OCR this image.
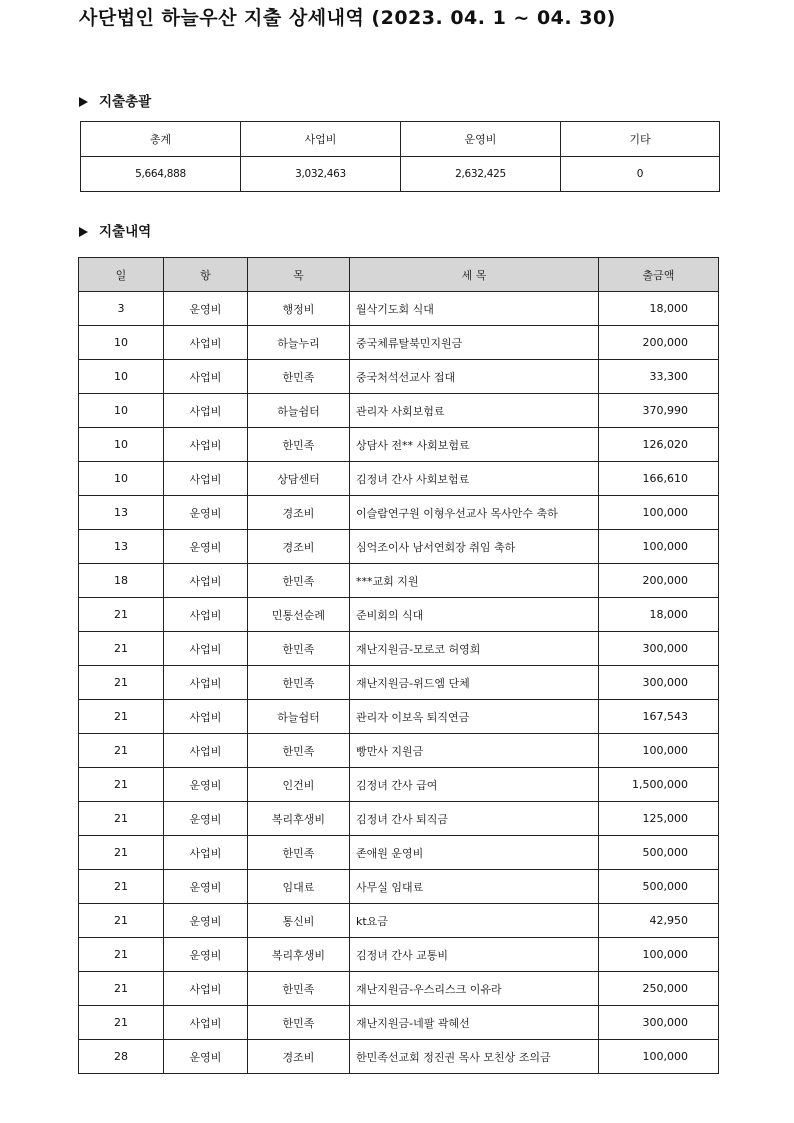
사단법인 하늘우산 지출 상세내역 (2023. 04. 1 ~ 04. 30)
지출총괄
총계	사업비	운영비	기타
5,664,888	3,032,463	2,632,425	0
지출내역
일	항	목	세 목	출금액
3	운영비	행정비	월삭기도회 식대	18,000
10	사업비	하늘누리	중국체류탈북민지원금	200,000
10	사업비	한민족	중국처석선교사 접대	33,300
10	사업비	하늘쉼터	관리자 사회보험료	370,990
10	사업비	한민족	상담사 전** 사회보험료	126,020
10	사업비	상담센터	김정녀 간사 사회보험료	166,610
13	운영비	경조비	이슬람연구원 이형우선교사 목사안수 축하	100,000
13	운영비	경조비	심억조이사 남서연회장 취임 축하	100,000
18	사업비	한민족	***교회 지원	200,000
21	사업비	민통선순례	준비회의 식대	18,000
21	사업비	한민족	재난지원금-모로코 허영희	300,000
21	사업비	한민족	재난지원금-위드엠 단체	300,000
21	사업비	하늘쉼터	관리자 이보옥 퇴직연금	167,543
21	사업비	한민족	빵만사 지원금	100,000
21	운영비	인건비	김정녀 간사 급여	1,500,000
21	운영비	복리후생비	김정녀 간사 퇴직금	125,000
21	사업비	한민족	존애원 운영비	500,000
21	운영비	임대료	사무실 임대료	500,000
21	운영비	통신비	kt요금	42,950
21	운영비	복리후생비	김정녀 간사 교통비	100,000
21	사업비	한민족	재난지원금-우스리스크 이유라	250,000
21	사업비	한민족	재난지원금-네팔 곽혜선	300,000
28	운영비	경조비	한민족선교회 정진권 목사 모친상 조의금	100,000
